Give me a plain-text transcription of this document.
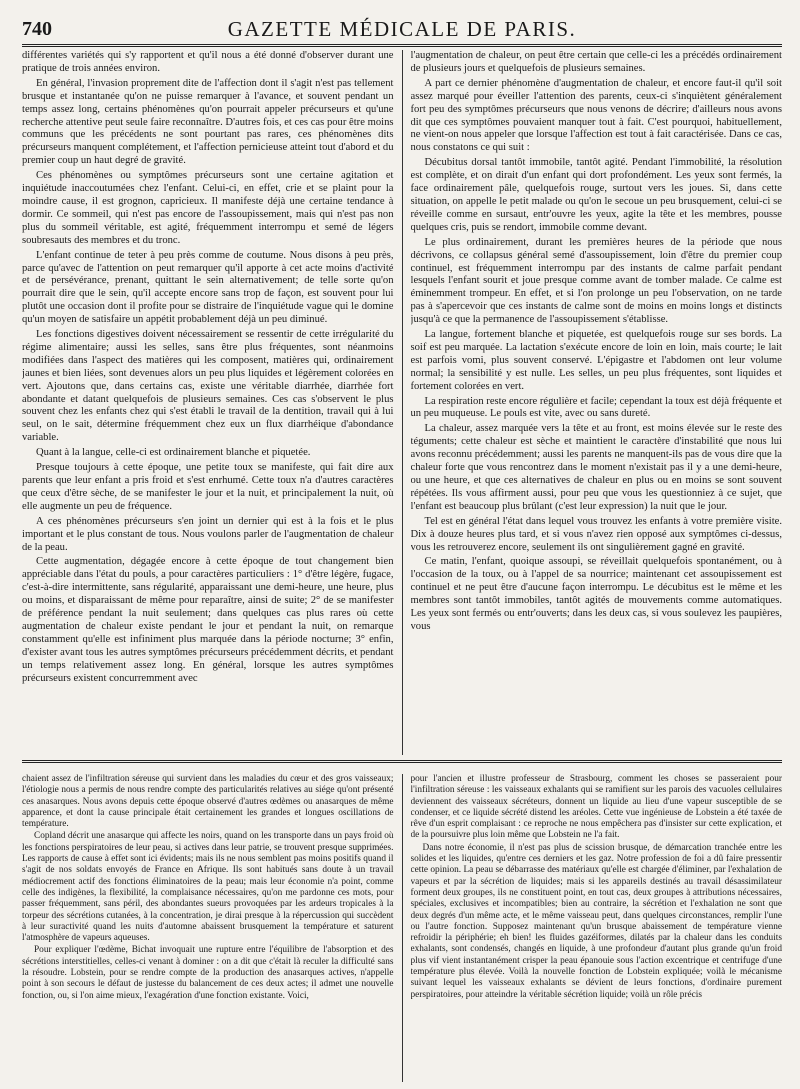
740	GAZETTE MÉDICALE DE PARIS.

différentes variétés qui s'y rapportent et qu'il nous a été donné d'observer durant une pratique de trois années environ.

En général, l'invasion proprement dite de l'affection dont il s'agit n'est pas tellement brusque et instantanée qu'on ne puisse remarquer à l'avance, et souvent pendant un temps assez long, certains phénomènes qu'on pourrait appeler précurseurs et qu'une recherche attentive peut seule faire reconnaître. D'autres fois, et ces cas pour être moins communs que les précédents ne sont pourtant pas rares, ces phénomènes dits précurseurs manquent complétement, et l'affection pernicieuse atteint tout d'abord et du premier coup un haut degré de gravité.

Ces phénomènes ou symptômes précurseurs sont une certaine agitation et inquiétude inaccoutumées chez l'enfant. Celui-ci, en effet, crie et se plaint pour la moindre cause, il est grognon, capricieux. Il manifeste déjà une certaine tendance à dormir. Ce sommeil, qui n'est pas encore de l'assoupissement, mais qui n'est pas non plus du sommeil véritable, est agité, fréquemment interrompu et semé de légers soubresauts des membres et du tronc.

L'enfant continue de teter à peu près comme de coutume. Nous disons à peu près, parce qu'avec de l'attention on peut remarquer qu'il apporte à cet acte moins d'activité et de persévérance, prenant, quittant le sein alternativement; de telle sorte qu'on pourrait dire que le sein, qu'il accepte encore sans trop de façon, est souvent pour lui plutôt une occasion dont il profite pour se distraire de l'inquiétude vague qui le domine qu'un moyen de satisfaire un appétit probablement déjà un peu diminué.

Les fonctions digestives doivent nécessairement se ressentir de cette irrégularité du régime alimentaire; aussi les selles, sans être plus fréquentes, sont néanmoins modifiées dans l'aspect des matières qui les composent, matières qui, ordinairement jaunes et bien liées, sont devenues alors un peu plus liquides et légèrement colorées en vert. Ajoutons que, dans certains cas, existe une véritable diarrhée, diarrhée fort abondante et datant quelquefois de plusieurs semaines. Ces cas s'observent le plus souvent chez les enfants chez qui s'est établi le travail de la dentition, travail qui à lui seul, on le sait, détermine fréquemment chez eux un flux diarrhéique d'abondance variable.

Quant à la langue, celle-ci est ordinairement blanche et piquetée.

Presque toujours à cette époque, une petite toux se manifeste, qui fait dire aux parents que leur enfant a pris froid et s'est enrhumé. Cette toux n'a d'autres caractères que ceux d'être sèche, de se manifester le jour et la nuit, et principalement la nuit, où elle augmente un peu de fréquence.

A ces phénomènes précurseurs s'en joint un dernier qui est à la fois et le plus important et le plus constant de tous. Nous voulons parler de l'augmentation de chaleur de la peau.

Cette augmentation, dégagée encore à cette époque de tout changement bien appréciable dans l'état du pouls, a pour caractères particuliers : 1° d'être légère, fugace, c'est-à-dire intermittente, sans régularité, apparaissant une demi-heure, une heure, plus ou moins, et disparaissant de même pour reparaître, ainsi de suite; 2° de se manifester de préférence pendant la nuit seulement; dans quelques cas plus rares où cette augmentation de chaleur existe pendant le jour et pendant la nuit, on remarque constamment qu'elle est infiniment plus marquée dans la période nocturne; 3° enfin, d'exister avant tous les autres symptômes précurseurs précédemment décrits, et pendant un temps relativement assez long. En général, lorsque les autres symptômes précurseurs existent concurremment avec

l'augmentation de chaleur, on peut être certain que celle-ci les a précédés ordinairement de plusieurs jours et quelquefois de plusieurs semaines.

A part ce dernier phénomène d'augmentation de chaleur, et encore faut-il qu'il soit assez marqué pour éveiller l'attention des parents, ceux-ci s'inquiètent généralement fort peu des symptômes précurseurs que nous venons de décrire; d'ailleurs nous avons dit que ces symptômes pouvaient manquer tout à fait. C'est pourquoi, habituellement, ne vient-on nous appeler que lorsque l'affection est tout à fait caractérisée. Dans ce cas, nous constatons ce qui suit :

Décubitus dorsal tantôt immobile, tantôt agité. Pendant l'immobilité, la résolution est complète, et on dirait d'un enfant qui dort profondément. Les yeux sont fermés, la face ordinairement pâle, quelquefois rouge, surtout vers les joues. Si, dans cette situation, on appelle le petit malade ou qu'on le secoue un peu brusquement, celui-ci se réveille comme en sursaut, entr'ouvre les yeux, agite la tête et les membres, pousse quelques cris, puis se rendort, immobile comme devant.

Le plus ordinairement, durant les premières heures de la période que nous décrivons, ce collapsus général semé d'assoupissement, loin d'être du premier coup continuel, est fréquemment interrompu par des instants de calme parfait pendant lesquels l'enfant sourit et joue presque comme avant de tomber malade. Ce calme est éminemment trompeur. En effet, et si l'on prolonge un peu l'observation, on ne tarde pas à s'apercevoir que ces instants de calme sont de moins en moins longs et distincts jusqu'à ce que la permanence de l'assoupissement s'établisse.

La langue, fortement blanche et piquetée, est quelquefois rouge sur ses bords. La soif est peu marquée. La lactation s'exécute encore de loin en loin, mais courte; le lait est parfois vomi, plus souvent conservé. L'épigastre et l'abdomen ont leur volume normal; la sensibilité y est nulle. Les selles, un peu plus fréquentes, sont liquides et fortement colorées en vert.

La respiration reste encore régulière et facile; cependant la toux est déjà fréquente et un peu muqueuse. Le pouls est vite, avec ou sans dureté.

La chaleur, assez marquée vers la tête et au front, est moins élevée sur le reste des téguments; cette chaleur est sèche et maintient le caractère d'instabilité que nous lui avons reconnu précédemment; aussi les parents ne manquent-ils pas de vous dire que la chaleur forte que vous rencontrez dans le moment n'existait pas il y a une demi-heure, ou une heure, et que ces alternatives de chaleur en plus ou en moins se sont souvent répétées. Ils vous affirment aussi, pour peu que vous les questionniez à ce sujet, que l'enfant est beaucoup plus brûlant (c'est leur expression) la nuit que le jour.

Tel est en général l'état dans lequel vous trouvez les enfants à votre première visite. Dix à douze heures plus tard, et si vous n'avez rien opposé aux symptômes ci-dessus, vous les retrouverez encore, seulement ils ont singulièrement gagné en gravité.

Ce matin, l'enfant, quoique assoupi, se réveillait quelquefois spontanément, ou à l'occasion de la toux, ou à l'appel de sa nourrice; maintenant cet assoupissement est continuel et ne peut être d'aucune façon interrompu. Le décubitus est le même et les membres sont tantôt immobiles, tantôt agités de mouvements comme automatiques. Les yeux sont fermés ou entr'ouverts; dans les deux cas, si vous soulevez les paupières, vous

chaient assez de l'infiltration séreuse qui survient dans les maladies du cœur et des gros vaisseaux; l'étiologie nous a permis de nous rendre compte des particularités relatives au siége qu'ont présenté ces anasarques. Nous avons depuis cette époque observé d'autres œdèmes ou anasarques de même apparence, et dont la cause principale était certainement les grandes et longues oscillations de température.

Copland décrit une anasarque qui affecte les noirs, quand on les transporte dans un pays froid où les fonctions perspiratoires de leur peau, si actives dans leur patrie, se trouvent presque supprimées. Les rapports de cause à effet sont ici évidents; mais ils ne nous semblent pas moins positifs quand il s'agit de nos soldats envoyés de France en Afrique. Ils sont habitués sans doute à un travail médiocrement actif des fonctions éliminatoires de la peau; mais leur économie n'a point, comme celle des indigènes, la flexibilité, la complaisance nécessaires, qu'on me pardonne ces mots, pour passer fréquemment, sans péril, des abondantes sueurs provoquées par les ardeurs tropicales à la torpeur des sécrétions cutanées, à la concentration, je dirai presque à la répercussion qui succèdent à leur suractivité quand les nuits d'automne abaissent brusquement la température et saturent l'atmosphère de vapeurs aqueuses.

Pour expliquer l'œdème, Bichat invoquait une rupture entre l'équilibre de l'absorption et des sécrétions interstitielles, celles-ci venant à dominer : on a dit que c'était là reculer la difficulté sans la résoudre. Lobstein, pour se rendre compte de la production des anasarques actives, n'appelle point à son secours le défaut de justesse du balancement de ces deux actes; il admet une nouvelle fonction, ou, si l'on aime mieux, l'exagération d'une fonction existante. Voici,

pour l'ancien et illustre professeur de Strasbourg, comment les choses se passeraient pour l'infiltration séreuse : les vaisseaux exhalants qui se ramifient sur les parois des vacuoles cellulaires deviennent des vaisseaux sécréteurs, donnent un liquide au lieu d'une vapeur susceptible de se condenser, et ce liquide sécrété distend les aréoles. Cette vue ingénieuse de Lobstein a été taxée de rêve d'un esprit complaisant : ce reproche ne nous empêchera pas d'insister sur cette explication, et de la poursuivre plus loin même que Lobstein ne l'a fait.

Dans notre économie, il n'est pas plus de scission brusque, de démarcation tranchée entre les solides et les liquides, qu'entre ces derniers et les gaz. Notre profession de foi a dû faire pressentir cette opinion. La peau se débarrasse des matériaux qu'elle est chargée d'éliminer, par l'exhalation de vapeurs et par la sécrétion de liquides; mais si les appareils destinés au travail désassimilateur forment deux groupes, ils ne constituent point, en tout cas, deux groupes à attributions nécessaires, spéciales, exclusives et incompatibles; bien au contraire, la sécrétion et l'exhalation ne sont que deux degrés d'un même acte, et le même vaisseau peut, dans quelques circonstances, remplir l'une ou l'autre fonction. Supposez maintenant qu'un brusque abaissement de température vienne refroidir la périphérie; eh bien! les fluides gazéiformes, dilatés par la chaleur dans les conduits exhalants, sont condensés, changés en liquide, à une profondeur d'autant plus grande qu'un froid plus vif vient instantanément crisper la peau épanouie sous l'action excentrique et centrifuge d'une température plus élevée. Voilà la nouvelle fonction de Lobstein expliquée; voilà le mécanisme suivant lequel les vaisseaux exhalants se dévient de leurs fonctions, d'ordinaire purement perspiratoires, pour atteindre la véritable sécrétion liquide; voilà un rôle précis
